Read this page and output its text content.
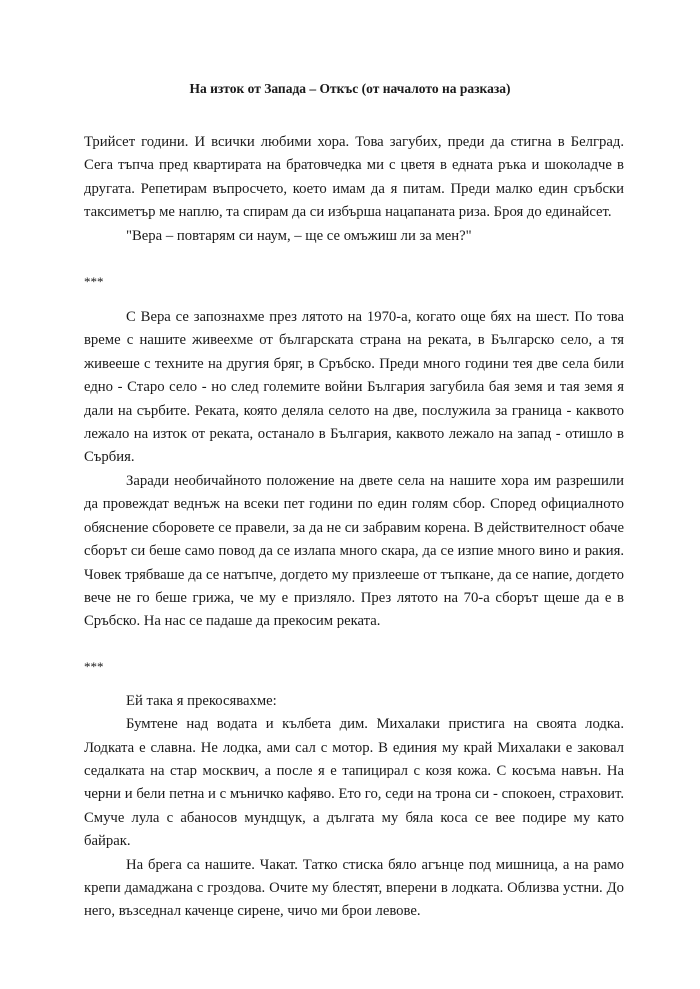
На изток от Запада – Откъс (от началото на разказа)

Трийсет години. И всички любими хора. Това загубих, преди да стигна в Белград. Сега тъпча пред квартирата на братовчедка ми с цветя в едната ръка и шоколадче в другата. Репетирам въпросчето, което имам да я питам. Преди малко един сръбски таксиметър ме наплю, та спирам да си избърша нацапаната риза. Броя до единайсет.

"Вера – повтарям си наум, – ще се омъжиш ли за мен?"

***

С Вера се запознахме през лятото на 1970-а, когато още бях на шест. По това време с нашите живеехме от българската страна на реката, в Българско село, а тя живееше с техните на другия бряг, в Сръбско. Преди много години тея две села били едно - Старо село - но след големите войни България загубила бая земя и тая земя я дали на сърбите. Реката, която деляла селото на две, послужила за граница - каквото лежало на изток от реката, останало в България, каквото лежало на запад - отишло в Сърбия.

Заради необичайното положение на двете села на нашите хора им разрешили да провеждат веднъж на всеки пет години по един голям сбор. Според официалното обяснение сборовете се правели, за да не си забравим корена. В действителност обаче сборът си беше само повод да се излапа много скара, да се изпие много вино и ракия. Човек трябваше да се натъпче, догдето му призлееше от тъпкане, да се напие, догдето вече не го беше грижа, че му е призляло. През лятото на 70-а сборът щеше да е в Сръбско. На нас се падаше да прекосим реката.

***

Ей така я прекосявахме:

Бумтене над водата и кълбета дим. Михалаки пристига на своята лодка. Лодката е славна. Не лодка, ами сал с мотор. В единия му край Михалаки е заковал седалката на стар москвич, а после я е тапицирал с козя кожа. С косъма навън. На черни и бели петна и с мъничко кафяво. Ето го, седи на трона си - спокоен, страховит. Смуче лула с абаносов мундщук, а дългата му бяла коса се вее подире му като байрак.

На брега са нашите. Чакат. Татко стиска бяло агънце под мишница, а на рамо крепи дамаджана с гроздова. Очите му блестят, вперени в лодката. Облизва устни. До него, възседнал каченце сирене, чичо ми брои левове.
